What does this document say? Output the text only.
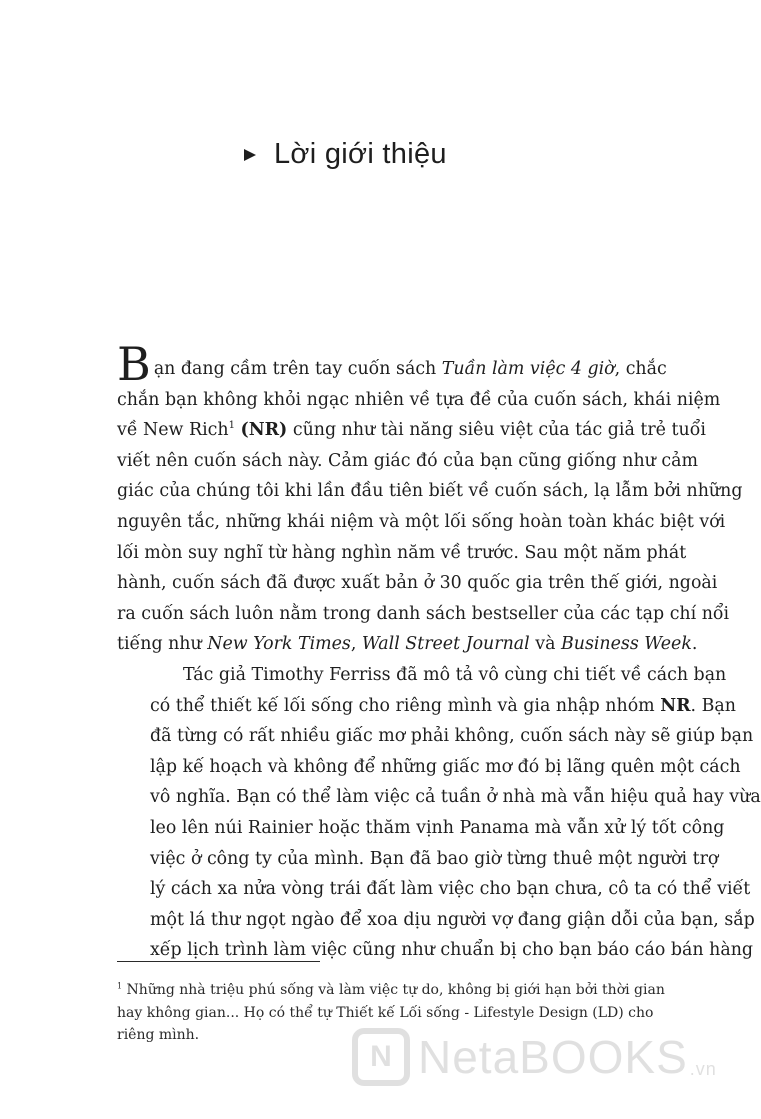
Lời giới thiệu
Bạn đang cầm trên tay cuốn sách Tuần làm việc 4 giờ, chắc
chắn bạn không khỏi ngạc nhiên về tựa đề của cuốn sách, khái niệm
về New Rich$^1$ (NR) cũng như tài năng siêu việt của tác giả trẻ tuổi
viết nên cuốn sách này. Cảm giác đó của bạn cũng giống như cảm
giác của chúng tôi khi lần đầu tiên biết về cuốn sách, lạ lẫm bởi những
nguyên tắc, những khái niệm và một lối sống hoàn toàn khác biệt với
lối mòn suy nghĩ từ hàng nghìn năm về trước. Sau một năm phát
hành, cuốn sách đã được xuất bản ở 30 quốc gia trên thế giới, ngoài
ra cuốn sách luôn nằm trong danh sách bestseller của các tạp chí nổi
tiếng như New York Times, Wall Street Journal và Business Week.
Tác giả Timothy Ferriss đã mô tả vô cùng chi tiết về cách bạn
có thể thiết kế lối sống cho riêng mình và gia nhập nhóm NR. Bạn
đã từng có rất nhiều giấc mơ phải không, cuốn sách này sẽ giúp bạn
lập kế hoạch và không để những giấc mơ đó bị lãng quên một cách
vô nghĩa. Bạn có thể làm việc cả tuần ở nhà mà vẫn hiệu quả hay vừa
leo lên núi Rainier hoặc thăm vịnh Panama mà vẫn xử lý tốt công
việc ở công ty của mình. Bạn đã bao giờ từng thuê một người trợ
lý cách xa nửa vòng trái đất làm việc cho bạn chưa, cô ta có thể viết
một lá thư ngọt ngào để xoa dịu người vợ đang giận dỗi của bạn, sắp
xếp lịch trình làm việc cũng như chuẩn bị cho bạn báo cáo bán hàng
$^1$ Những nhà triệu phú sống và làm việc tự do, không bị giới hạn bởi thời gian
hay không gian... Họ có thể tự Thiết kế Lối sống - Lifestyle Design (LD) cho
riêng mình.
N NetaBOOKS .vn
